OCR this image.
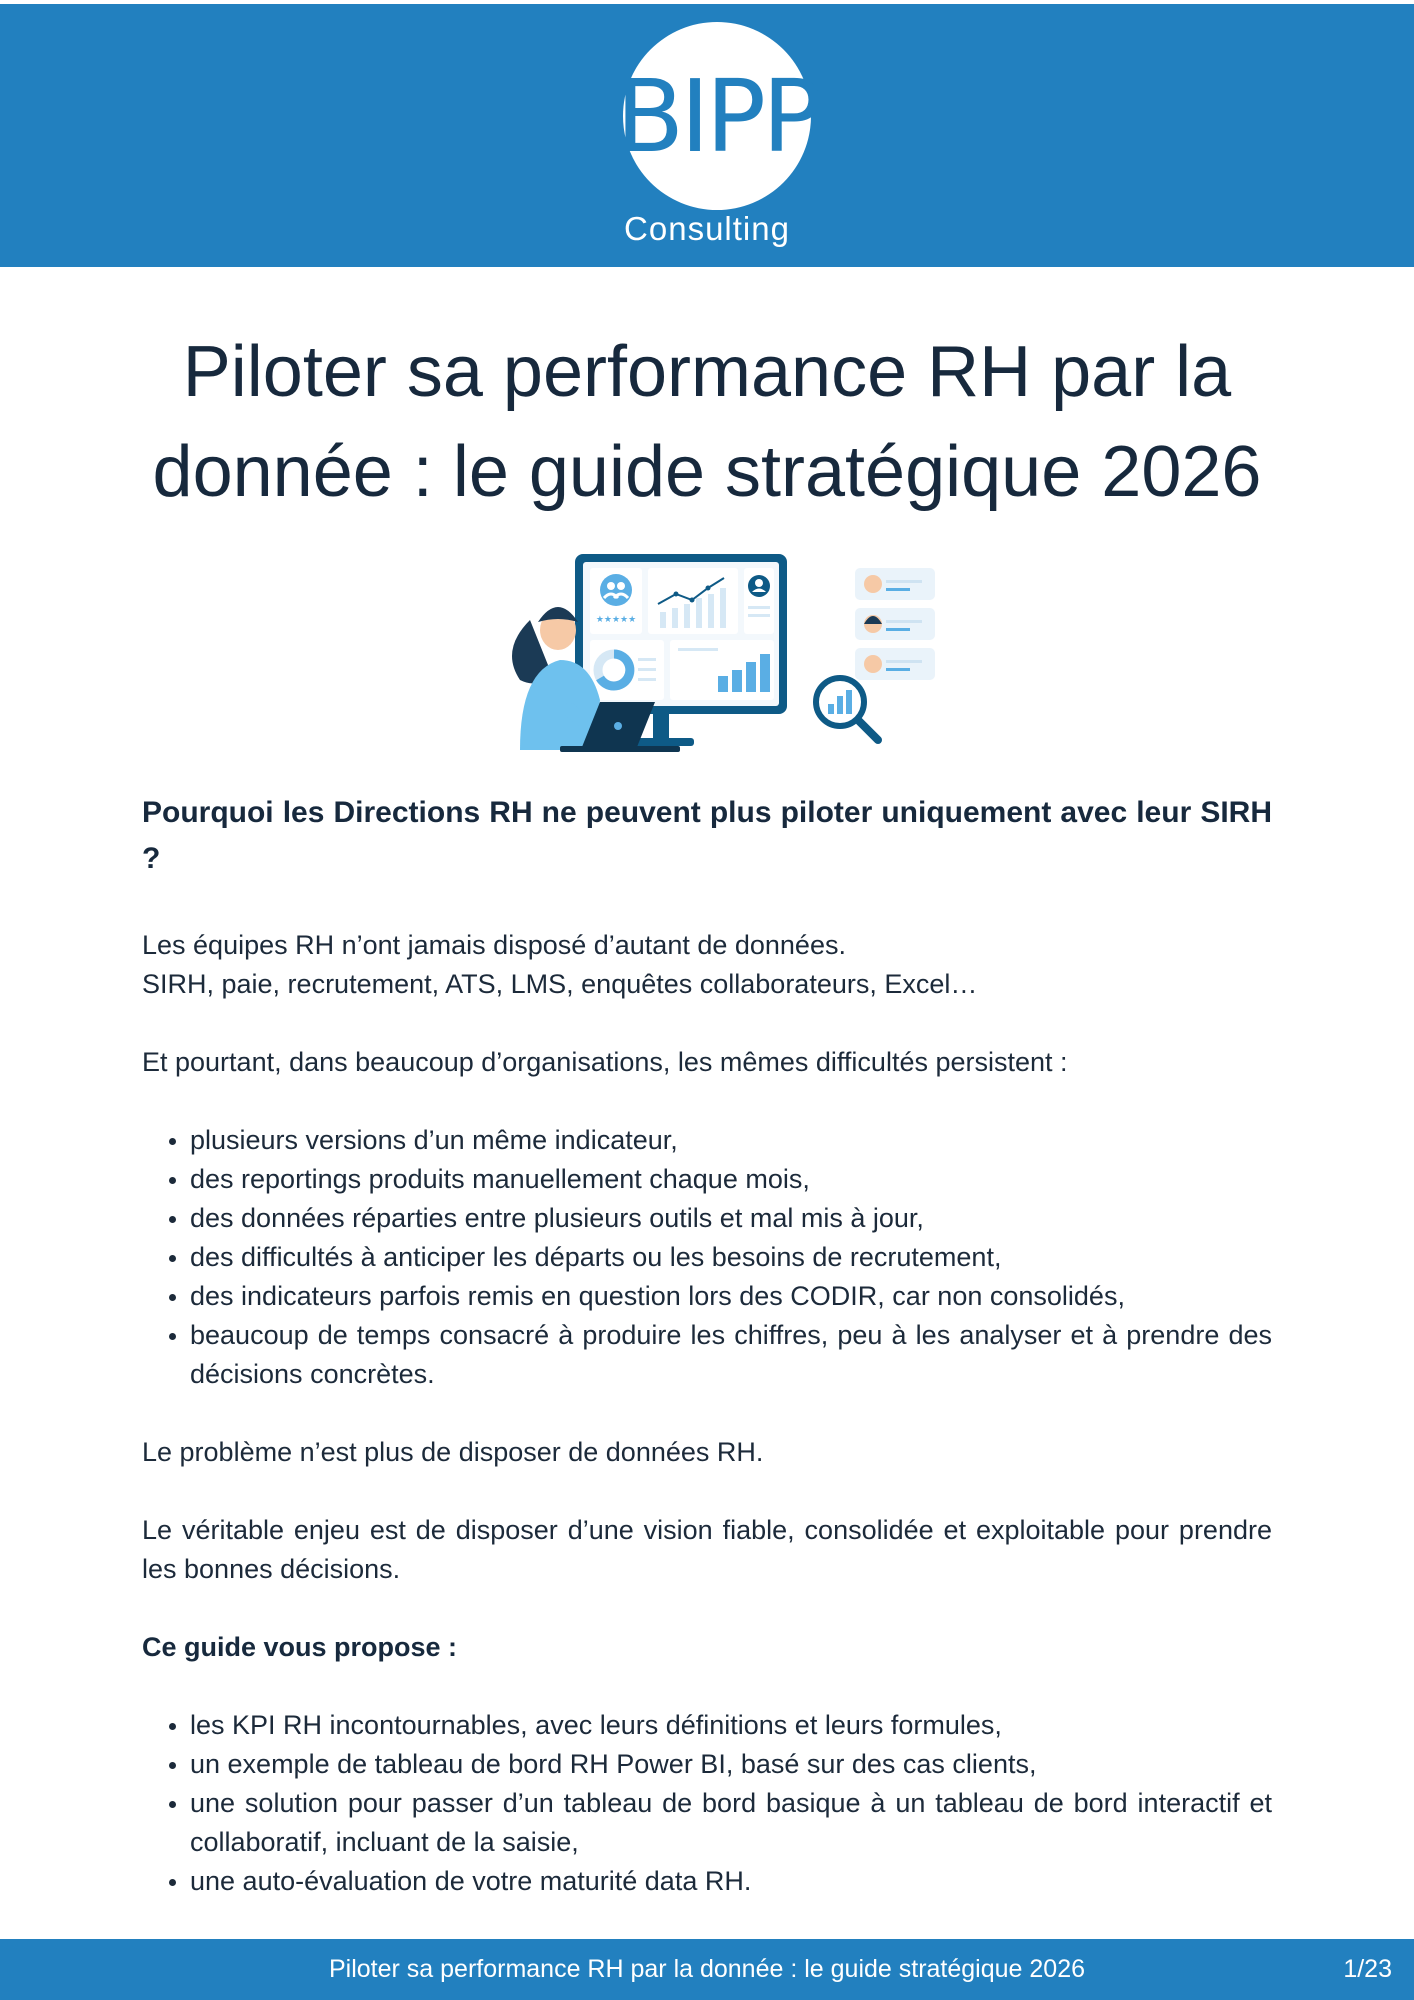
BIPP
Consulting
Piloter sa performance RH par la donnée : le guide stratégique 2026
★★★★★
Pourquoi les Directions RH ne peuvent plus piloter uniquement avec leur SIRH ?

Les équipes RH n’ont jamais disposé d’autant de données.
SIRH, paie, recrutement, ATS, LMS, enquêtes collaborateurs, Excel…

Et pourtant, dans beaucoup d’organisations, les mêmes difficultés persistent :

• plusieurs versions d’un même indicateur,
• des reportings produits manuellement chaque mois,
• des données réparties entre plusieurs outils et mal mis à jour,
• des difficultés à anticiper les départs ou les besoins de recrutement,
• des indicateurs parfois remis en question lors des CODIR, car non consolidés,
• beaucoup de temps consacré à produire les chiffres, peu à les analyser et à prendre des décisions concrètes.

Le problème n’est plus de disposer de données RH.

Le véritable enjeu est de disposer d’une vision fiable, consolidée et exploitable pour prendre les bonnes décisions.

Ce guide vous propose :

• les KPI RH incontournables, avec leurs définitions et leurs formules,
• un exemple de tableau de bord RH Power BI, basé sur des cas clients,
• une solution pour passer d’un tableau de bord basique à un tableau de bord interactif et collaboratif, incluant de la saisie,
• une auto-évaluation de votre maturité data RH.
Piloter sa performance RH par la donnée : le guide stratégique 2026	1/23
